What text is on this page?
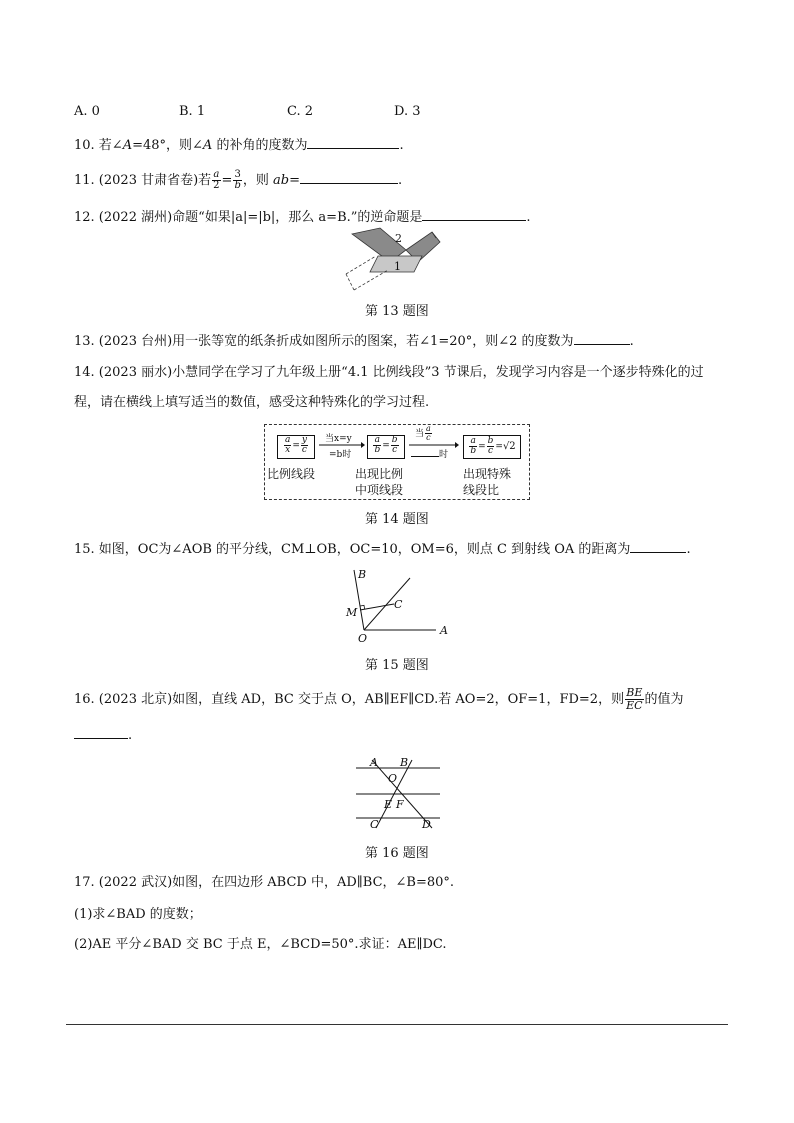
A. 0	B. 1	C. 2	D. 3
10. 若∠A=48°，则∠A 的补角的度数为	.
11. (2023 甘肃省卷)若 $\frac{a}{2} = \frac{3}{b}$ ，则 ab=	.
12. (2022 湖州)命题“如果|a|=|b|，那么 a=B.”的逆命题是	.
2
1
第 13 题图
13. (2023 台州)用一张等宽的纸条折成如图所示的图案，若∠1=20°，则∠2 的度数为	.
14. (2023 丽水)小慧同学在学习了九年级上册“4.1 比例线段”3 节课后，发现学习内容是一个逐步特殊化的过
程，请在横线上填写适当的数值，感受这种特殊化的学习过程.
$\frac{a}{x} = \frac{y}{c}$ 当x=y
=b时 $\frac{a}{b} = \frac{b}{c}$
当 $\frac{a}{c}$
时 $\frac{a}{b} = \frac{b}{c} =√2$
比例线段	出现比例
中项线段
出现特殊
线段比
第 14 题图
15. 如图，OC为∠AOB 的平分线，CM⊥OB，OC=10，OM=6，则点 C 到射线 OA 的距离为	.
B
M
C
O
A
第 15 题图
16. (2023 北京)如图，直线 AD，BC 交于点 O，AB∥EF∥CD.若 AO=2，OF=1，FD=2，则 $\frac{BE}{EC}$ 的值为
.
A B
O
E F
C	D
第 16 题图
17. (2022 武汉)如图，在四边形 ABCD 中，AD∥BC，∠B=80°.
(1)求∠BAD 的度数；
(2)AE 平分∠BAD 交 BC 于点 E，∠BCD=50°.求证：AE∥DC.
